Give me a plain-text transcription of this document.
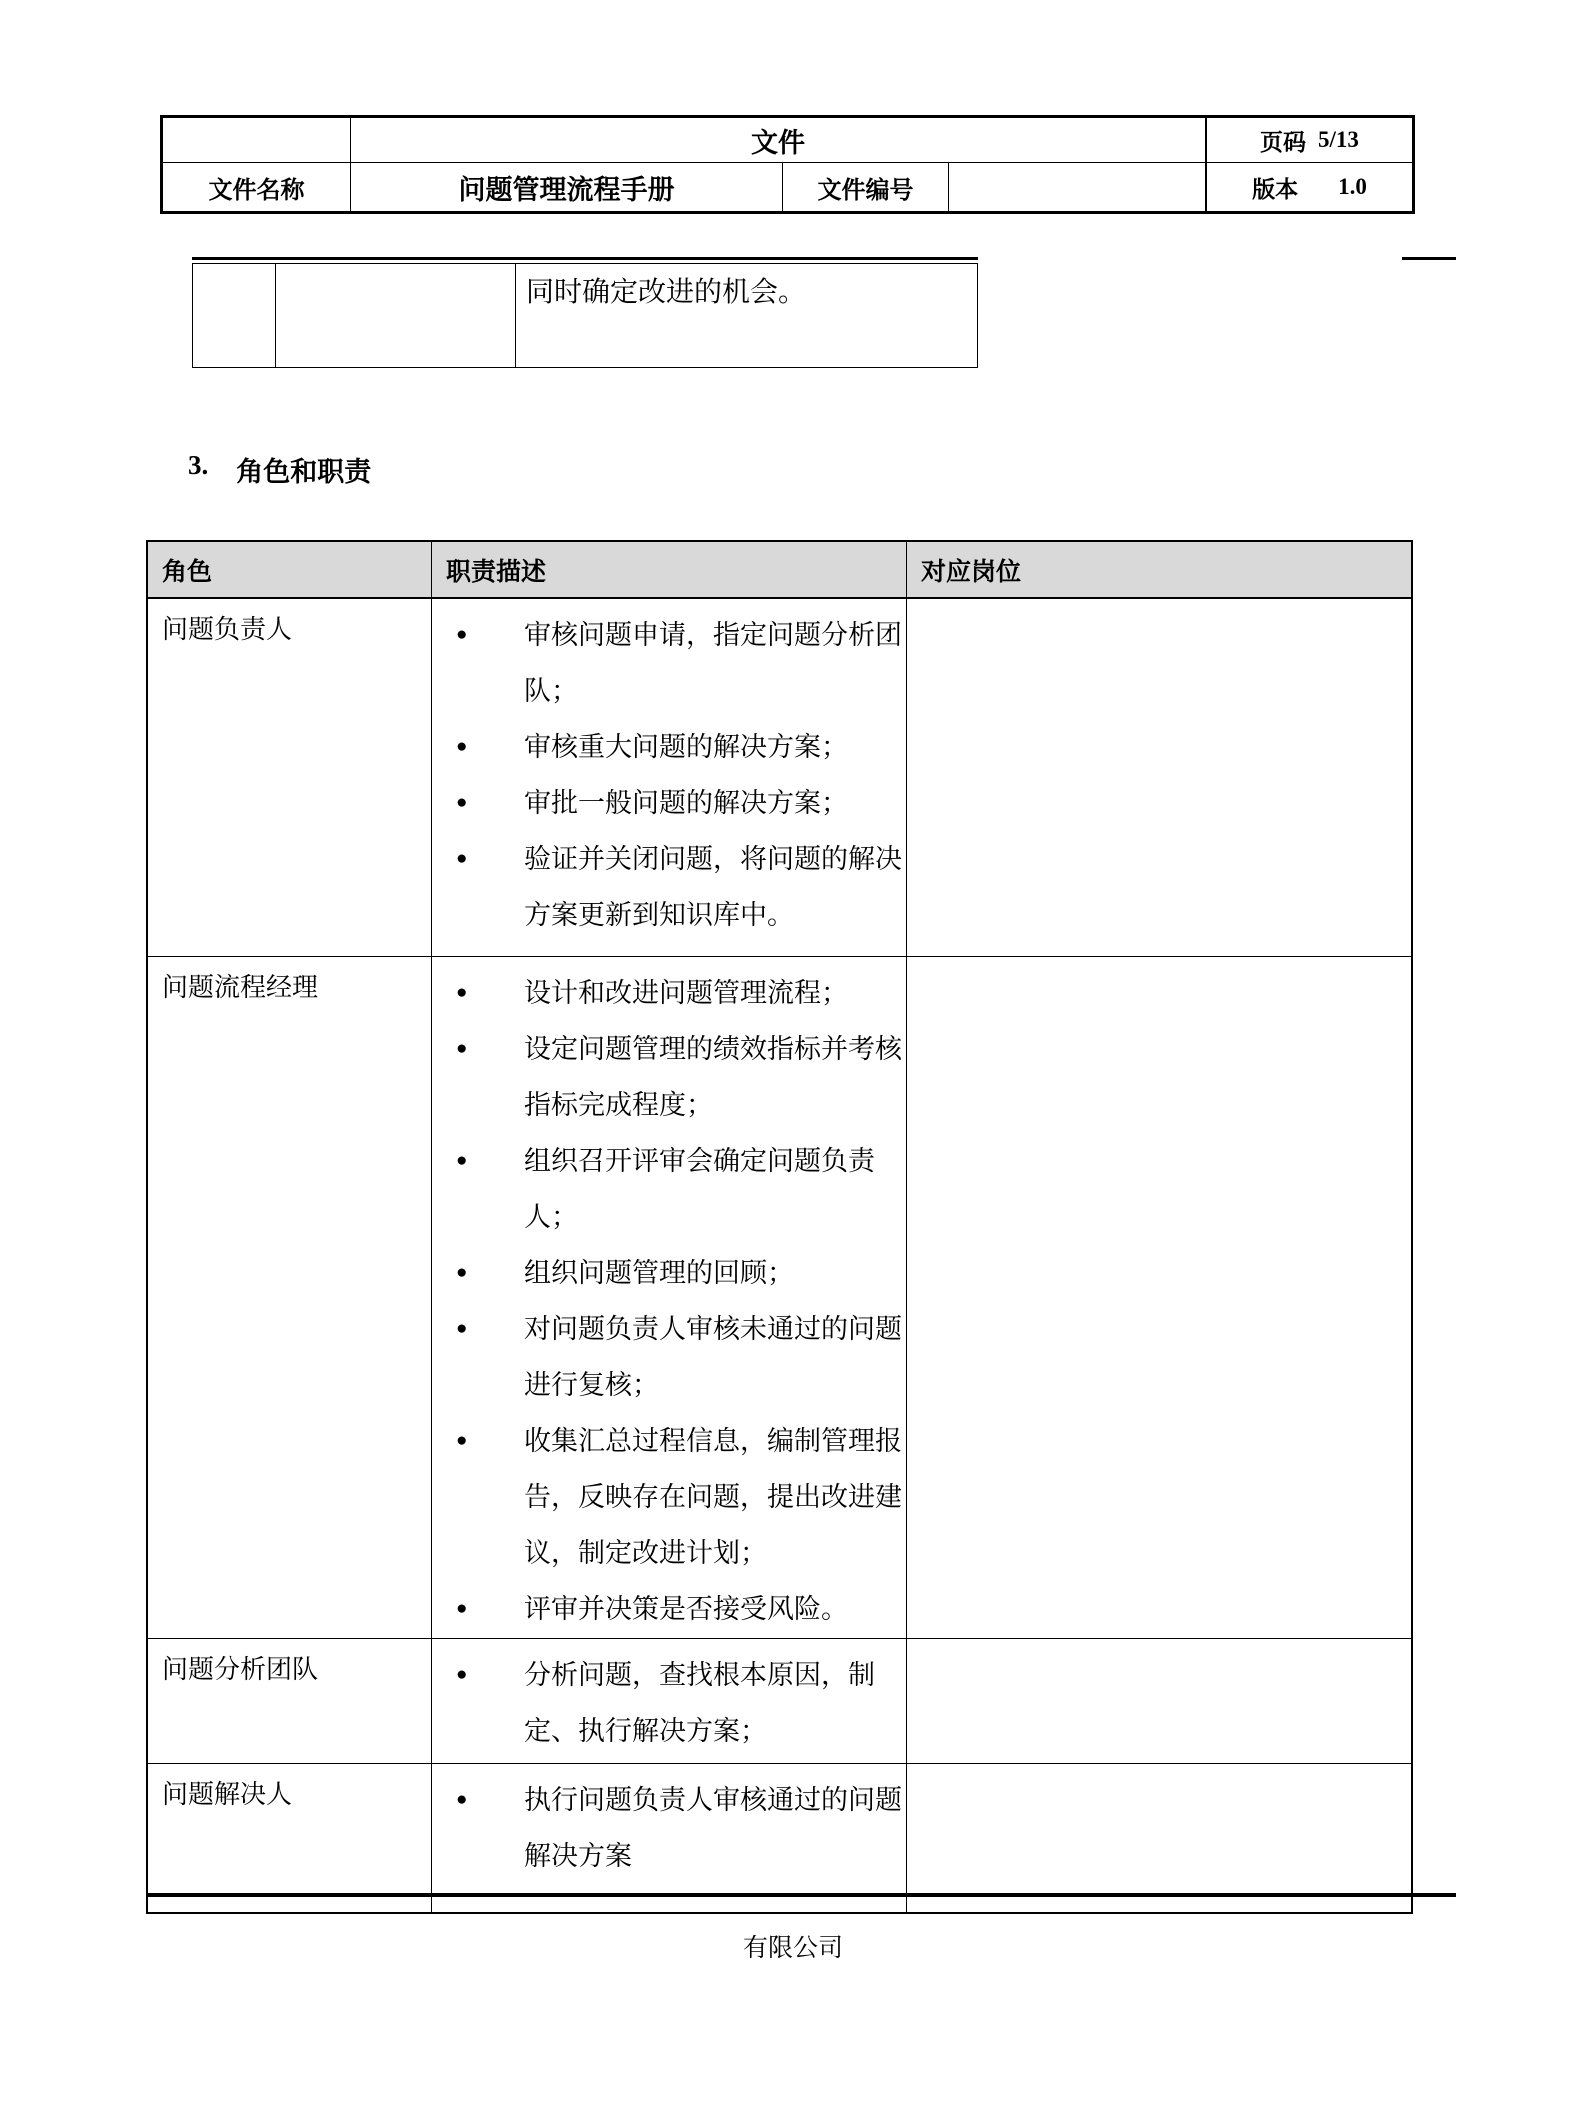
文件	页码 5/13
文件名称	问题管理流程手册	文件编号	版本 1.0
同时确定改进的机会。
3. 角色和职责
角色	职责描述	对应岗位
问题负责人	●	审核问题申请，指定问题分析团队；
●	审核重大问题的解决方案；
●	审批一般问题的解决方案；
●	验证并关闭问题，将问题的解决方案更新到知识库中。
问题流程经理	●	设计和改进问题管理流程；
●	设定问题管理的绩效指标并考核指标完成程度；
●	组织召开评审会确定问题负责人；
●	组织问题管理的回顾；
●	对问题负责人审核未通过的问题进行复核；
●	收集汇总过程信息，编制管理报告，反映存在问题，提出改进建议，制定改进计划；
●	评审并决策是否接受风险。
问题分析团队	●	分析问题，查找根本原因，制定、执行解决方案；
问题解决人	●	执行问题负责人审核通过的问题解决方案
有限公司
